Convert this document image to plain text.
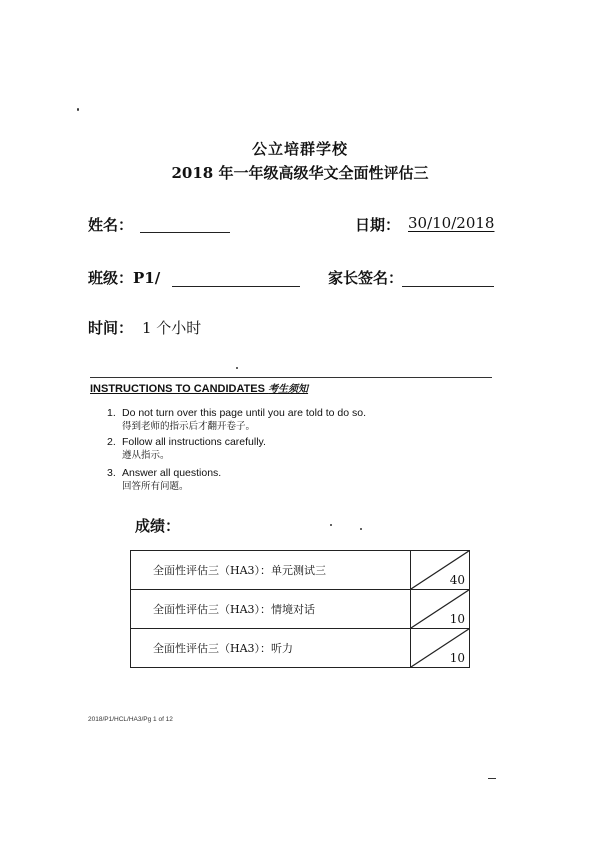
公立培群学校
2018 年一年级高级华文全面性评估三
姓名：	日期： 30/10/2018
班级：P1/	家长签名：
时间： 1 个小时
INSTRUCTIONS TO CANDIDATES 考生须知
1. Do not turn over this page until you are told to do so.
得到老师的指示后才翻开卷子。
2. Follow all instructions carefully.
遵从指示。
3. Answer all questions.
回答所有问题。
成绩：
全面性评估三（HA3）：单元测试三	40

全面性评估三（HA3）：情境对话	10

全面性评估三（HA3）：听力	10
2018/P1/HCL/HA3/Pg 1 of 12
